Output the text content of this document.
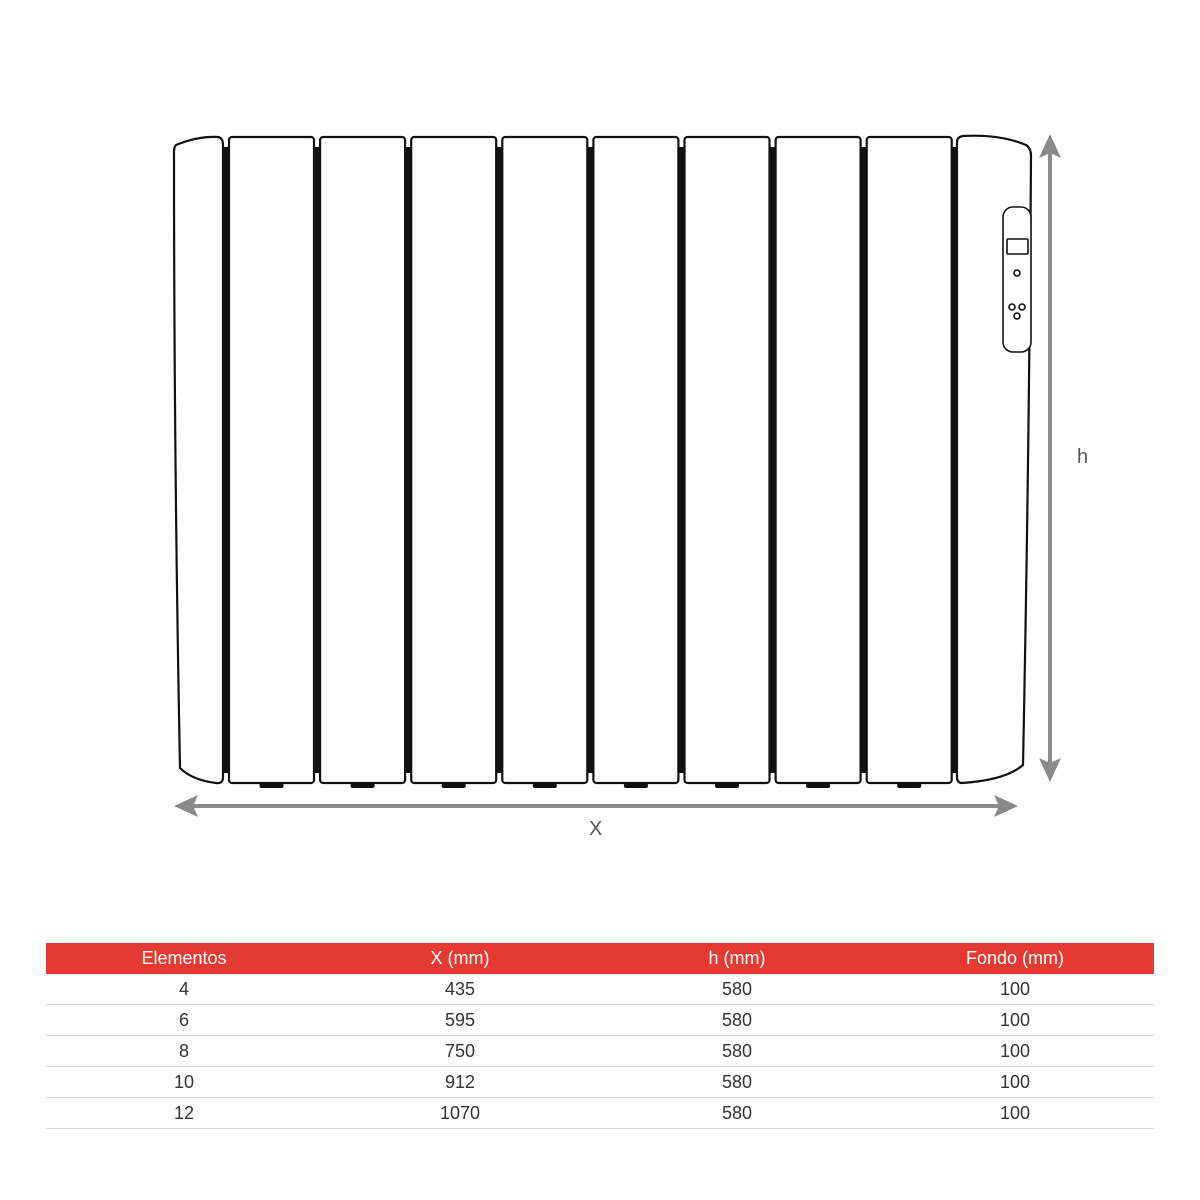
X
h
Elementos	X (mm)	h (mm)	Fondo (mm)
4	435	580	100
6	595	580	100
8	750	580	100
10	912	580	100
12	1070	580	100
